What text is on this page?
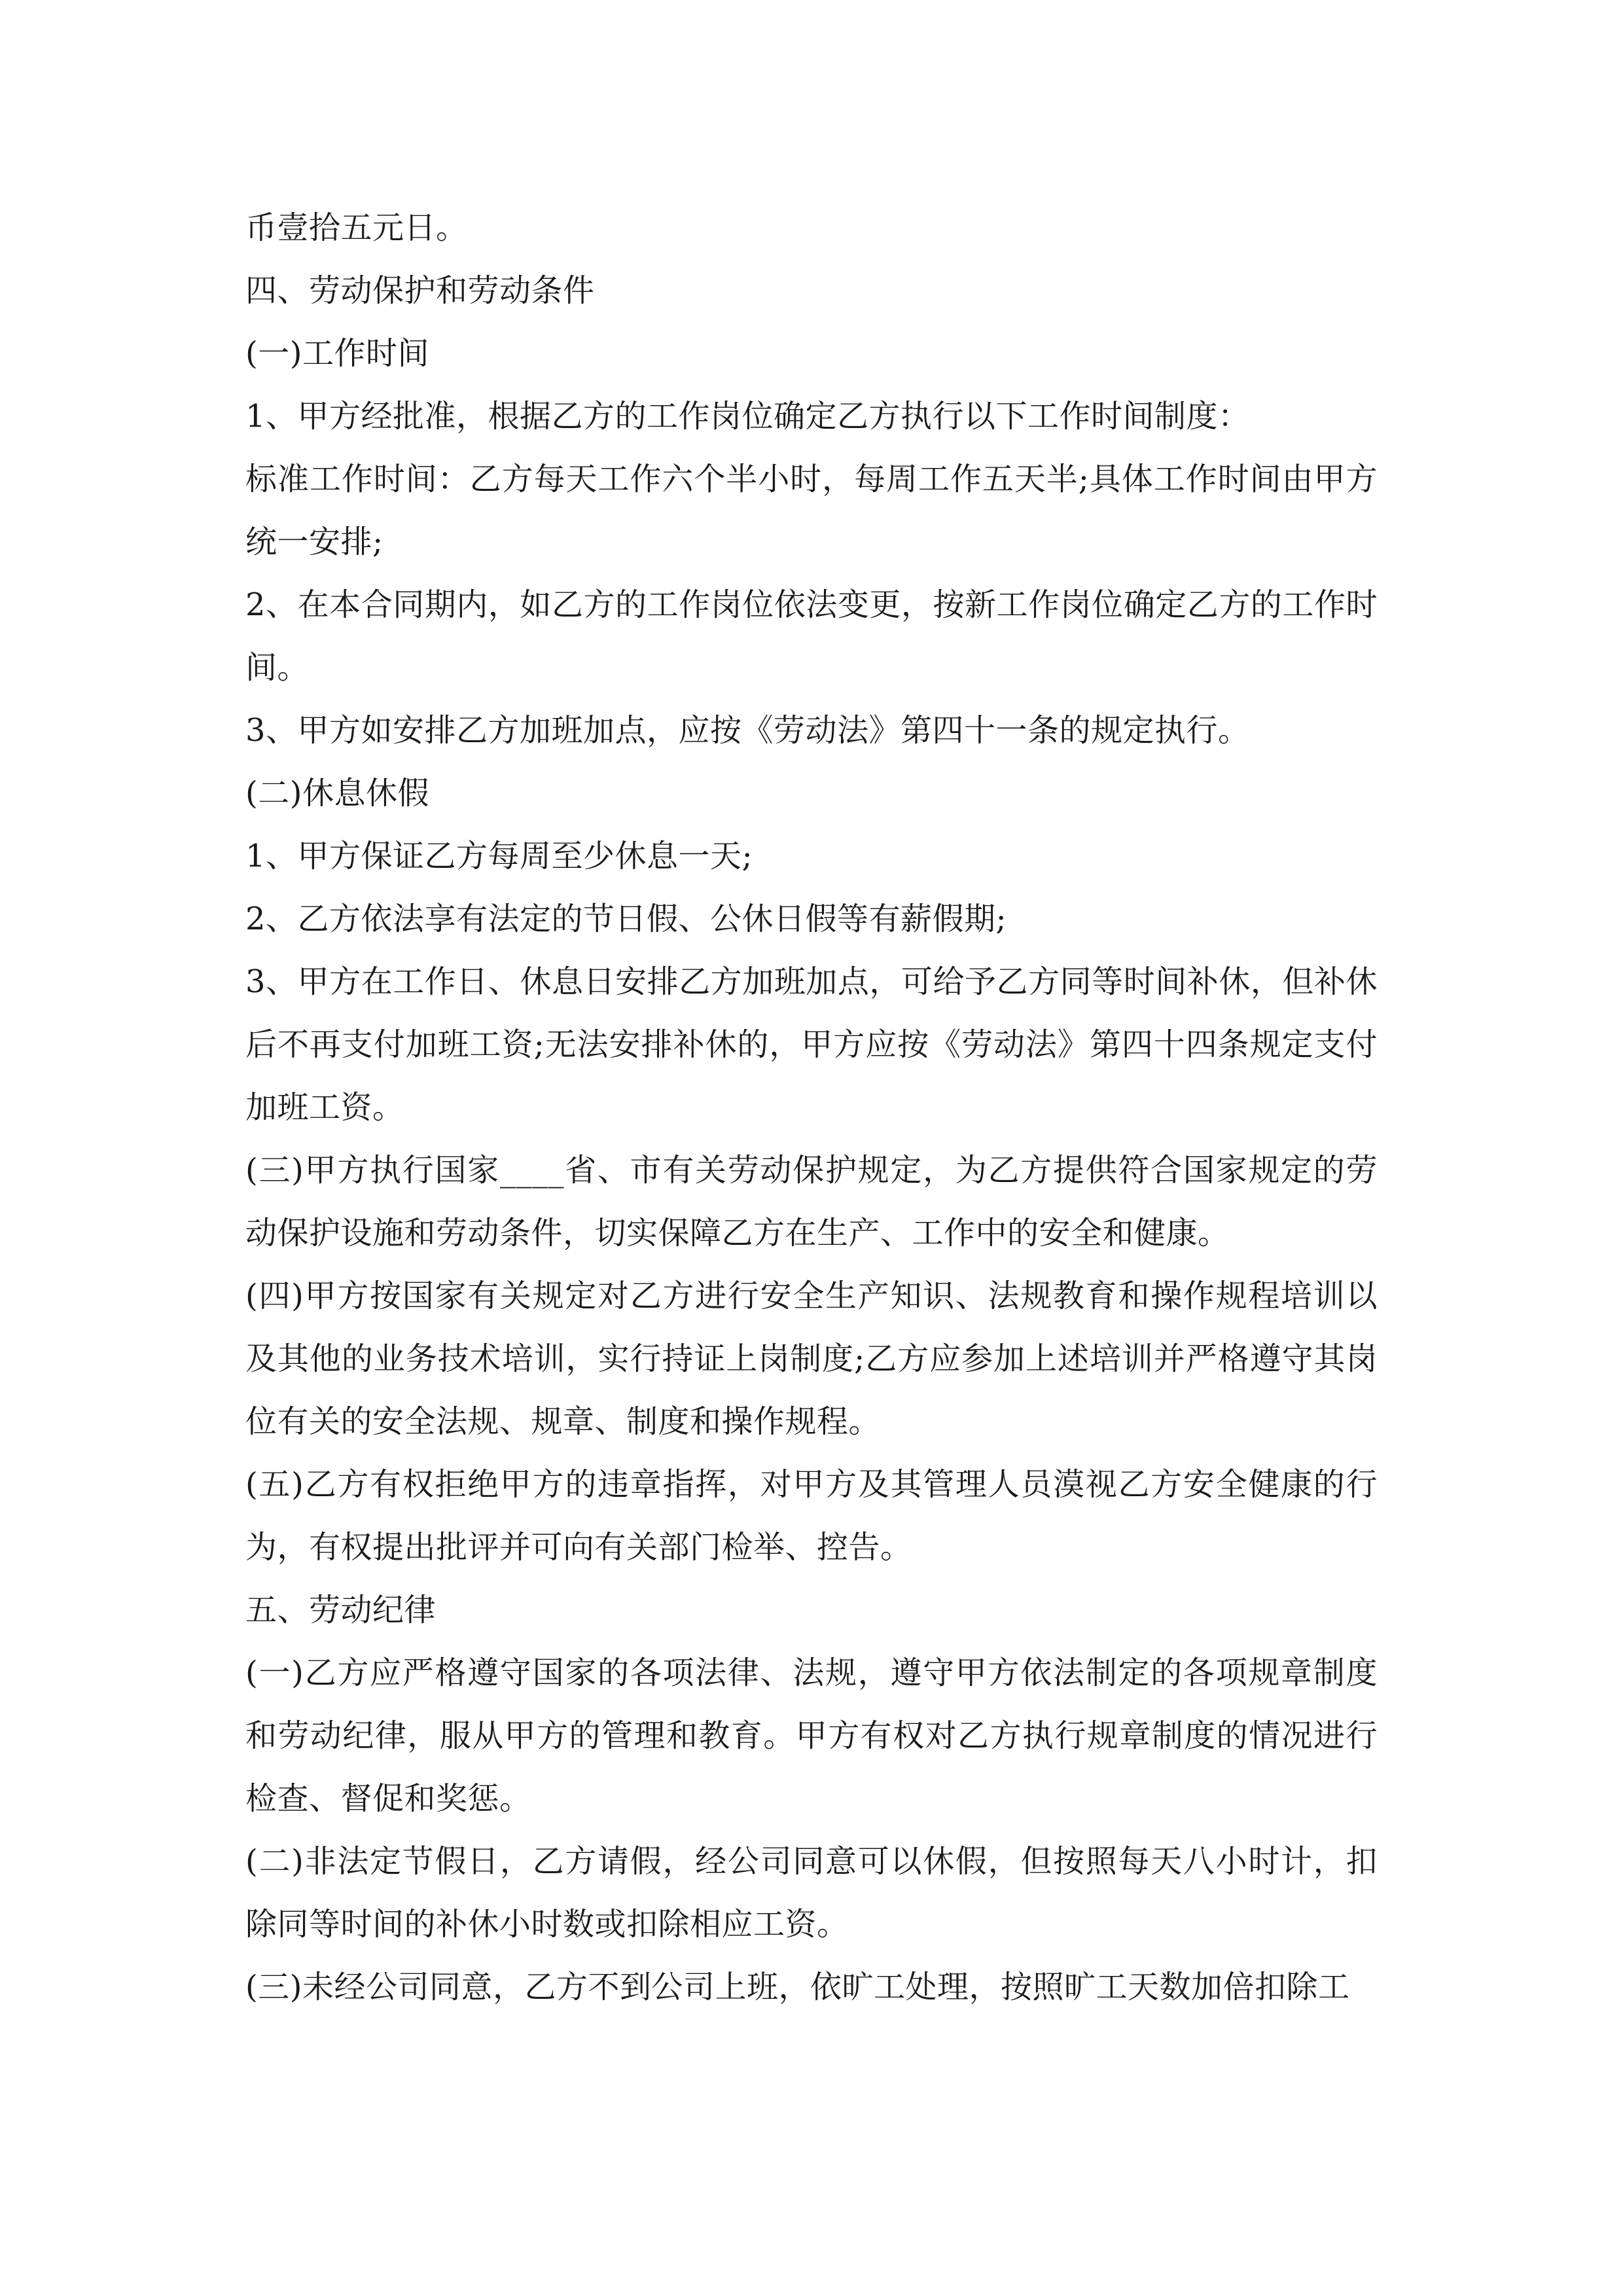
币壹拾五元日。

四、劳动保护和劳动条件

(一)工作时间

1、甲方经批准，根据乙方的工作岗位确定乙方执行以下工作时间制度：

标准工作时间：乙方每天工作六个半小时，每周工作五天半;具体工作时间由甲方统一安排;

2、在本合同期内，如乙方的工作岗位依法变更，按新工作岗位确定乙方的工作时间。

3、甲方如安排乙方加班加点，应按《劳动法》第四十一条的规定执行。

(二)休息休假

1、甲方保证乙方每周至少休息一天;

2、乙方依法享有法定的节日假、公休日假等有薪假期;

3、甲方在工作日、休息日安排乙方加班加点，可给予乙方同等时间补休，但补休后不再支付加班工资;无法安排补休的，甲方应按《劳动法》第四十四条规定支付加班工资。

(三)甲方执行国家____省、市有关劳动保护规定，为乙方提供符合国家规定的劳动保护设施和劳动条件，切实保障乙方在生产、工作中的安全和健康。

(四)甲方按国家有关规定对乙方进行安全生产知识、法规教育和操作规程培训以及其他的业务技术培训，实行持证上岗制度;乙方应参加上述培训并严格遵守其岗位有关的安全法规、规章、制度和操作规程。

(五)乙方有权拒绝甲方的违章指挥，对甲方及其管理人员漠视乙方安全健康的行为，有权提出批评并可向有关部门检举、控告。

五、劳动纪律

(一)乙方应严格遵守国家的各项法律、法规，遵守甲方依法制定的各项规章制度和劳动纪律，服从甲方的管理和教育。甲方有权对乙方执行规章制度的情况进行检查、督促和奖惩。

(二)非法定节假日，乙方请假，经公司同意可以休假，但按照每天八小时计，扣除同等时间的补休小时数或扣除相应工资。

(三)未经公司同意，乙方不到公司上班，依旷工处理，按照旷工天数加倍扣除工
